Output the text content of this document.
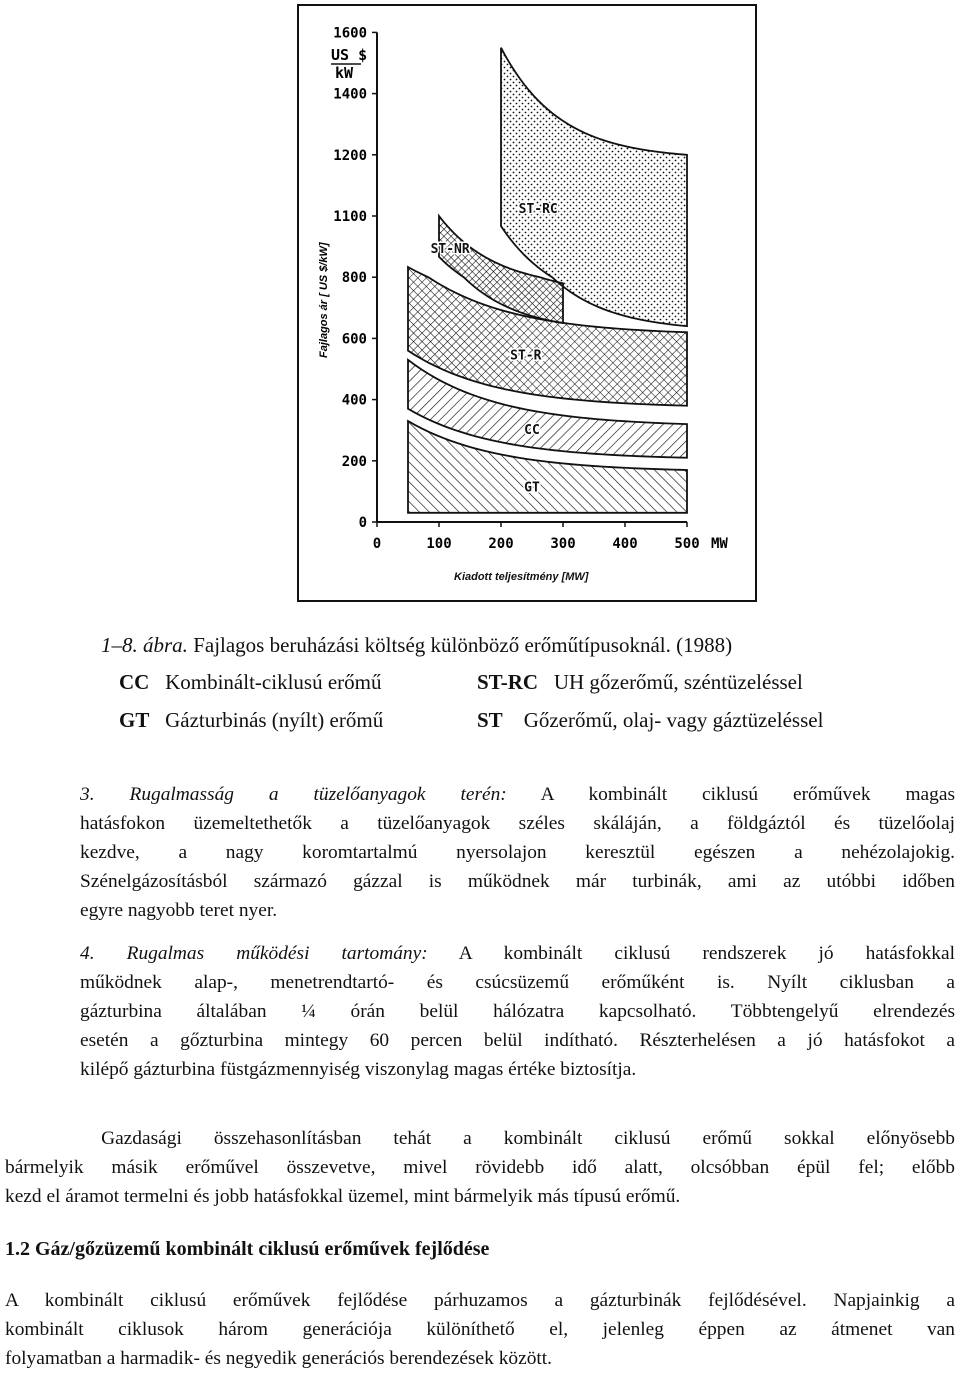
0
200
400
600
800
1100
1200
1400
1600
0	100	200	300	400	500 MW
US $
kW
Fajlagos ár [ US $/kW]
GT
CC
ST-R
ST-NR
ST-RC
Kiadott teljesítmény [MW]
1–8. ábra. Fajlagos beruházási költség különböző erőműtípusoknál. (1988)
CC Kombinált-ciklusú erőmű	ST-RC UH gőzerőmű, széntüzeléssel
GT Gázturbinás (nyílt) erőmű	ST Gőzerőmű, olaj- vagy gáztüzeléssel
3. Rugalmasság a tüzelőanyagok terén: A kombinált ciklusú erőművek magas
hatásfokon üzemeltethetők a tüzelőanyagok széles skáláján, a földgáztól és tüzelőolaj
kezdve, a nagy koromtartalmú nyersolajon keresztül egészen a nehézolajokig.
Szénelgázosításból származó gázzal is működnek már turbinák, ami az utóbbi időben
egyre nagyobb teret nyer.
4. Rugalmas működési tartomány: A kombinált ciklusú rendszerek jó hatásfokkal
működnek alap-, menetrendtartó- és csúcsüzemű erőműként is. Nyílt ciklusban a
gázturbina általában ¼ órán belül hálózatra kapcsolható. Többtengelyű elrendezés
esetén a gőzturbina mintegy 60 percen belül indítható. Részterhelésen a jó hatásfokot a
kilépő gázturbina füstgázmennyiség viszonylag magas értéke biztosítja.
Gazdasági összehasonlításban tehát a kombinált ciklusú erőmű sokkal előnyösebb
bármelyik másik erőművel összevetve, mivel rövidebb idő alatt, olcsóbban épül fel; előbb
kezd el áramot termelni és jobb hatásfokkal üzemel, mint bármelyik más típusú erőmű.
1.2 Gáz/gőzüzemű kombinált ciklusú erőművek fejlődése
A kombinált ciklusú erőművek fejlődése párhuzamos a gázturbinák fejlődésével. Napjainkig a
kombinált ciklusok három generációja különíthető el, jelenleg éppen az átmenet van
folyamatban a harmadik- és negyedik generációs berendezések között.
